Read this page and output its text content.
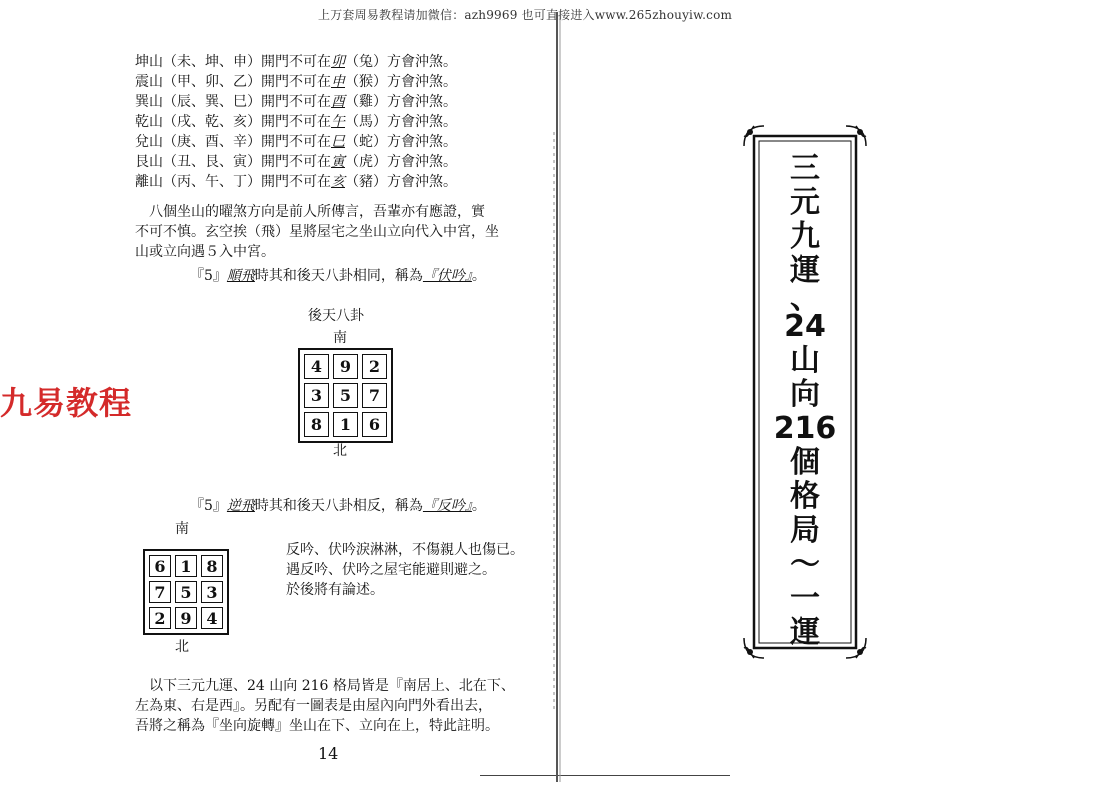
上万套周易教程请加微信：azh9969 也可直接进入www.265zhouyiw.com
九易教程
坤山（未、坤、申）開門不可在卯（兔）方會沖煞。
震山（甲、卯、乙）開門不可在申（猴）方會沖煞。
巽山（辰、巽、巳）開門不可在酉（雞）方會沖煞。
乾山（戌、乾、亥）開門不可在午（馬）方會沖煞。
兌山（庚、酉、辛）開門不可在巳（蛇）方會沖煞。
艮山（丑、艮、寅）開門不可在寅（虎）方會沖煞。
離山（丙、午、丁）開門不可在亥（豬）方會沖煞。
　八個坐山的曜煞方向是前人所傳言，吾輩亦有應證，實
不可不慎。玄空挨（飛）星將屋宅之坐山立向代入中宮，坐
山或立向遇５入中宮。
『5』順飛時其和後天八卦相同，稱為『伏吟』。
後天八卦
南
4	9	2
3	5	7
8	1	6
北
『5』逆飛時其和後天八卦相反，稱為『反吟』。
南
6 1 8
7 5 3
2 9 4
北
反吟、伏吟淚淋淋，不傷親人也傷已。
遇反吟、伏吟之屋宅能避則避之。
於後將有論述。
　以下三元九運、24 山向 216 格局皆是『南居上、北在下、
左為東、右是西』。另配有一圖表是由屋內向門外看出去，
吾將之稱為『坐向旋轉』坐山在下、立向在上，特此註明。
14
三
元
九
運
、
24
山
向
216
個
格
局
～
一
運
